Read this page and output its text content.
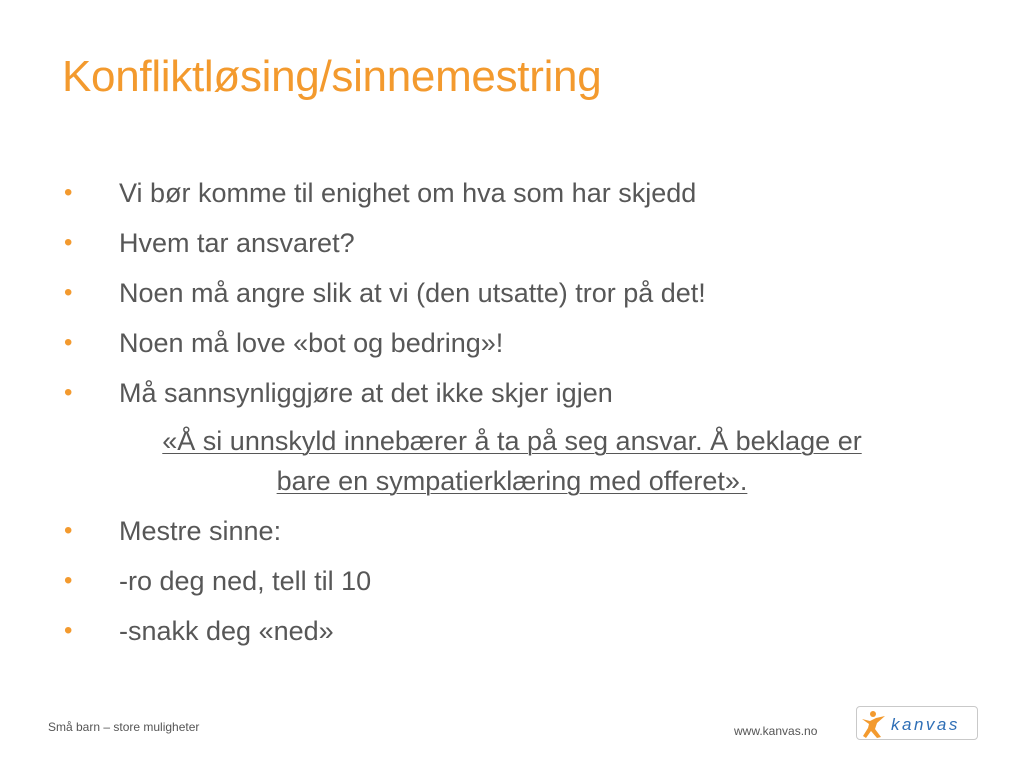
Konfliktløsing/sinnemestring
• Vi bør komme til enighet om hva som har skjedd
• Hvem tar ansvaret?
• Noen må angre slik at vi (den utsatte) tror på det!
• Noen må love «bot og bedring»!
• Må sannsynliggjøre at det ikke skjer igjen
«Å si unnskyld innebærer å ta på seg ansvar. Å beklage er
bare en sympatierklæring med offeret».
• Mestre sinne:
• -ro deg ned, tell til 10
• -snakk deg «ned»
Små barn – store muligheter	www.kanvas.no	kanvas
